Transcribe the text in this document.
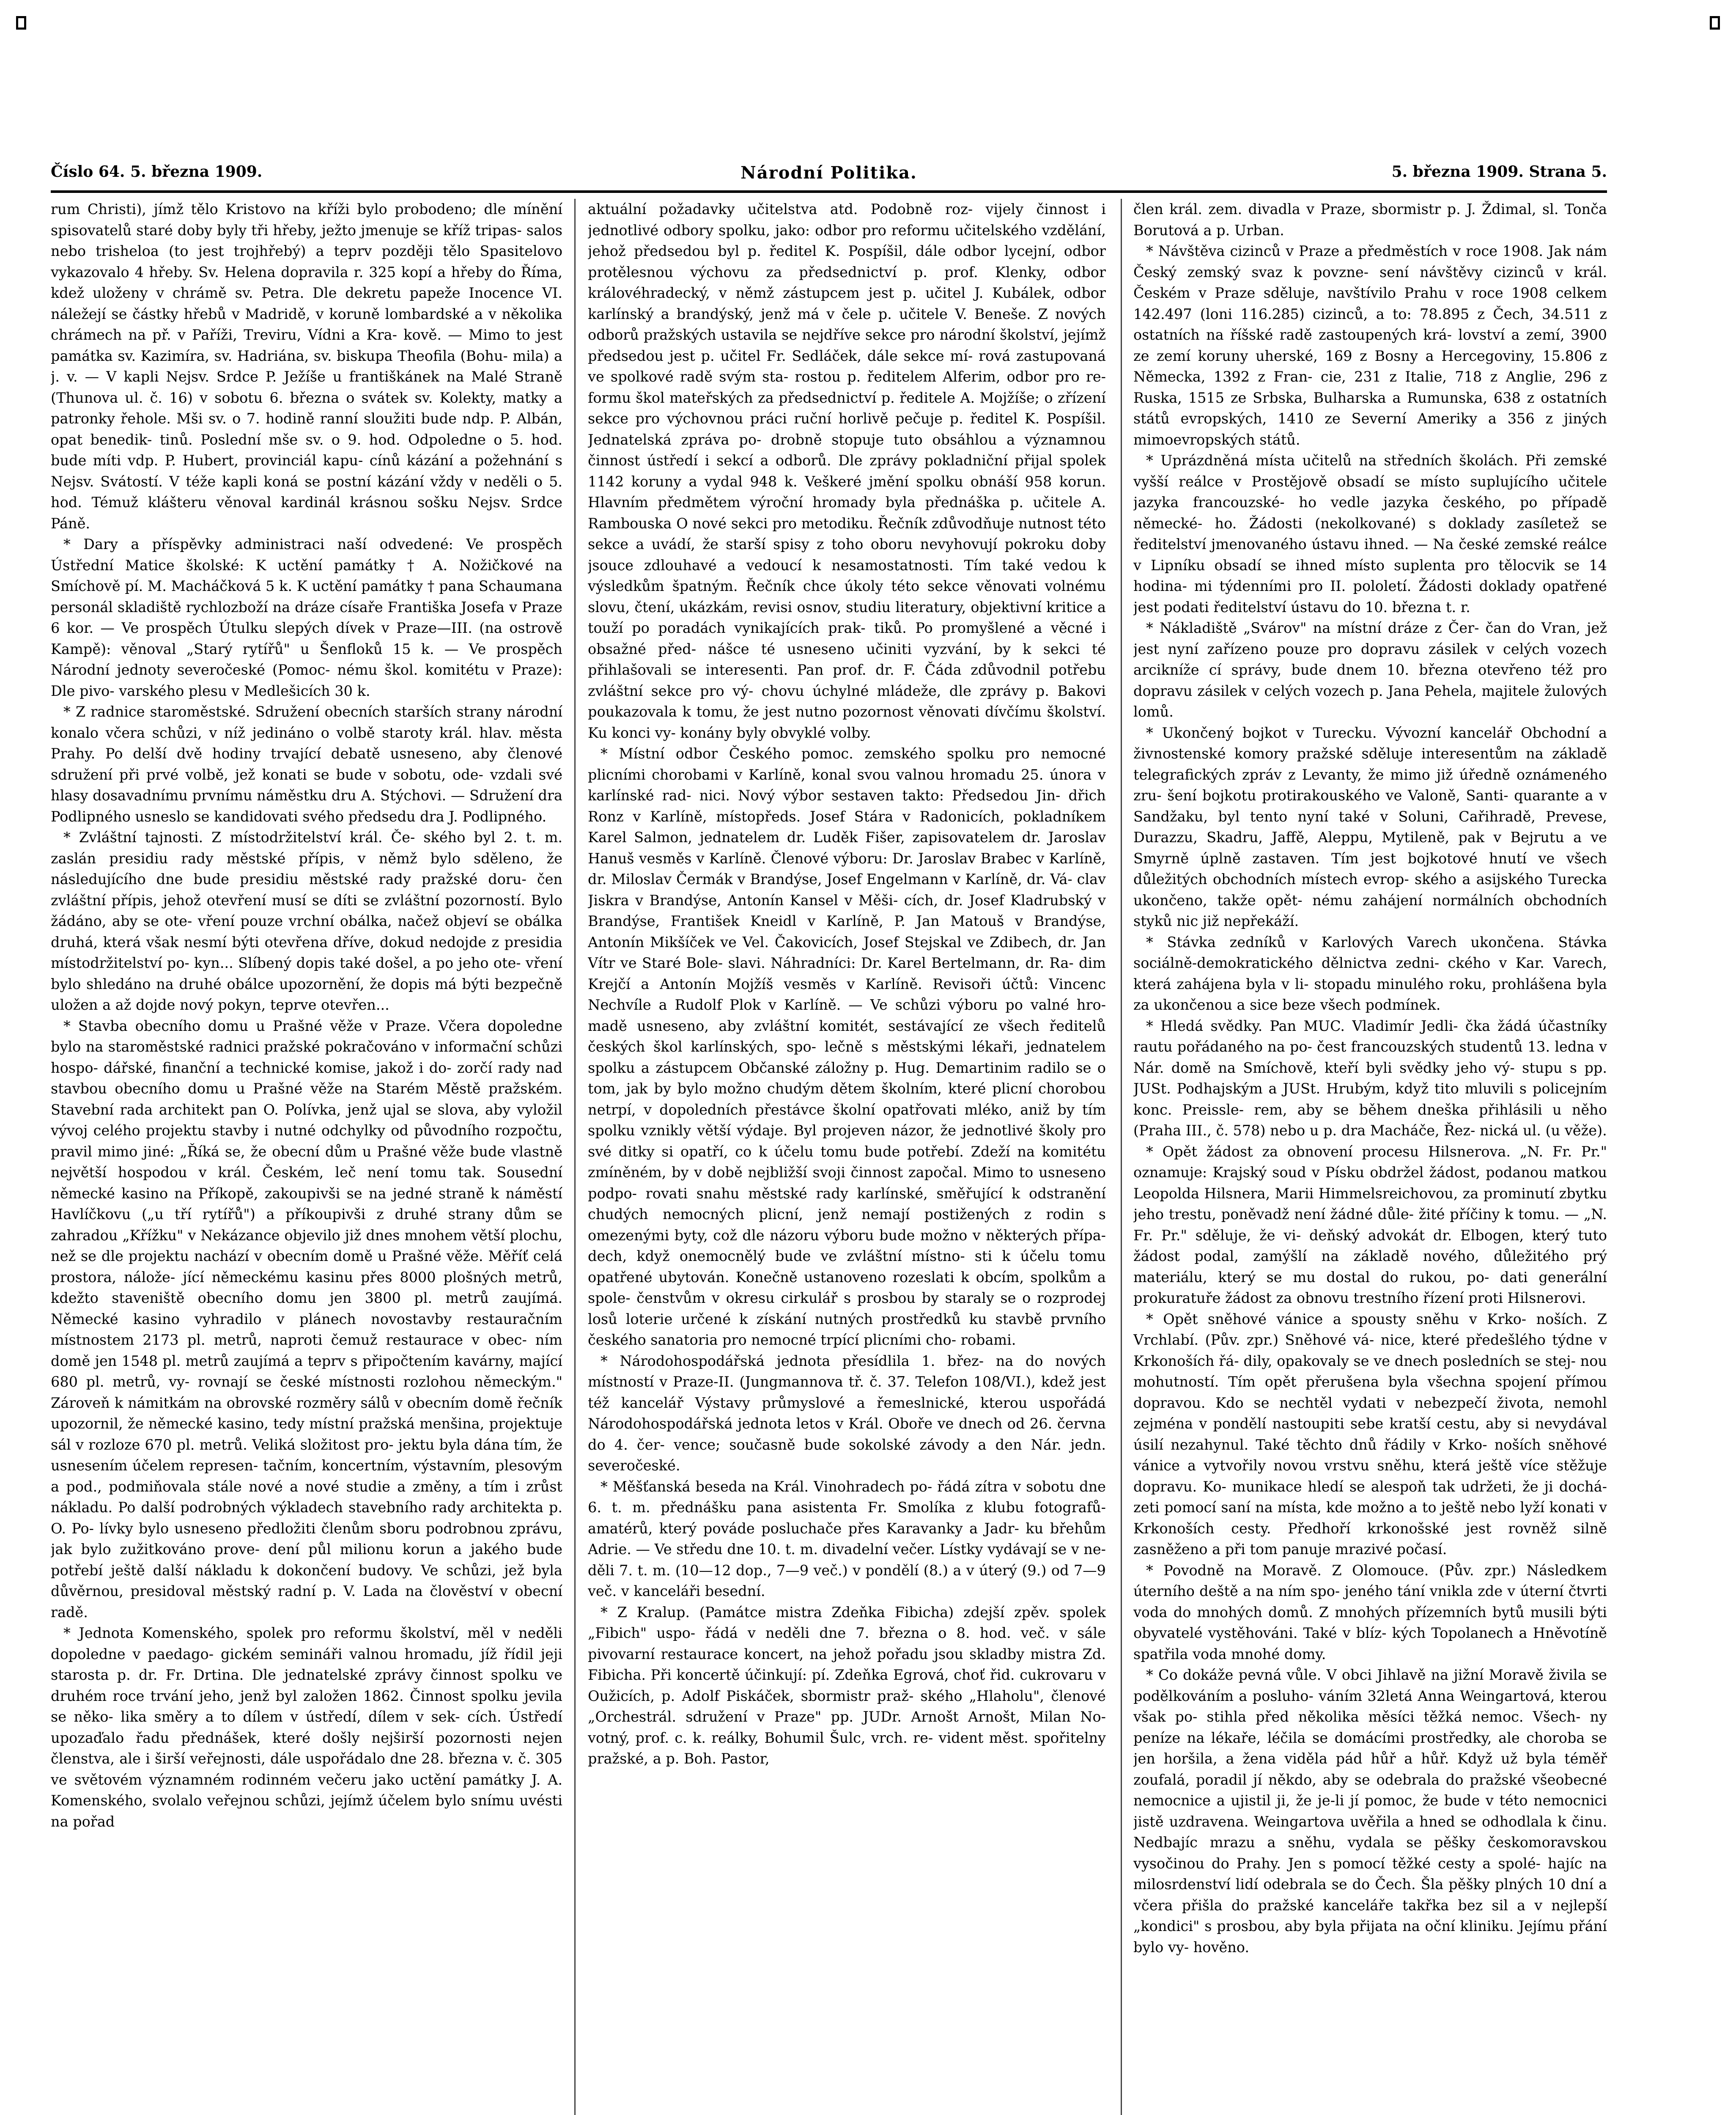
Číslo 64. 5. března 1909.	Národní Politika.	5. března 1909. Strana 5.

rum Christi), jímž tělo Kristovo na kříži bylo probodeno; dle mínění spisovatelů staré doby byly tři hřeby, ježto jmenuje se kříž tripas- salos nebo trisheloa (to jest trojhřebý) a teprv později tělo Spasitelovo vykazovalo 4 hřeby. Sv. Helena dopravila r. 325 kopí a hřeby do Říma, kdež uloženy v chrámě sv. Petra. Dle dekretu papeže Inocence VI. náležejí se částky hřebů v Madridě, v koruně lombardské a v několika chrámech na př. v Paříži, Treviru, Vídni a Kra- kově. — Mimo to jest památka sv. Kazimíra, sv. Hadriána, sv. biskupa Theofila (Bohu- mila) a j. v. — V kapli Nejsv. Srdce P. Ježíše u františkánek na Malé Straně (Thunova ul. č. 16) v sobotu 6. března o svátek sv. Kolekty, matky a patronky řehole. Mši sv. o 7. hodině ranní sloužiti bude ndp. P. Albán, opat benedik- tinů. Poslední mše sv. o 9. hod. Odpoledne o 5. hod. bude míti vdp. P. Hubert, provinciál kapu- cínů kázání a požehnání s Nejsv. Svátostí. V téže kapli koná se postní kázání vždy v neděli o 5. hod. Témuž klášteru věnoval kardinál krásnou sošku Nejsv. Srdce Páně.

* Dary a příspěvky administraci naší odvedené: Ve prospěch Ústřední Matice školské: K uctění památky † A. Nožičkové na Smíchově pí. M. Macháčková 5 k. K uctění památky † pana Schaumana personál skladiště rychlozboží na dráze císaře Františka Josefa v Praze 6 kor. — Ve prospěch Útulku slepých dívek v Praze—III. (na ostrově Kampě): věnoval „Starý rytířů" u Šenfloků 15 k. — Ve prospěch Národní jednoty severočeské (Pomoc- nému škol. komitétu v Praze): Dle pivo- varského plesu v Medlešicích 30 k.

* Z radnice staroměstské. Sdružení obecních starších strany národní konalo včera schůzi, v níž jedináno o volbě staroty král. hlav. města Prahy. Po delší dvě hodiny trvající debatě usneseno, aby členové sdružení při prvé volbě, jež konati se bude v sobotu, ode- vzdali své hlasy dosavadnímu prvnímu náměstku dru A. Stýchovi. — Sdružení dra Podlipného usneslo se kandidovati svého předsedu dra J. Podlipného.

* Zvláštní tajnosti. Z místodržitelství král. Če- ského byl 2. t. m. zaslán presidiu rady městské přípis, v němž bylo sděleno, že následujícího dne bude presidiu městské rady pražské doru- čen zvláštní přípis, jehož otevření musí se díti se zvláštní pozorností. Bylo žádáno, aby se ote- vření pouze vrchní obálka, načež objeví se obálka druhá, která však nesmí býti otevřena dříve, dokud nedojde z presidia místodržitelství po- kyn... Slíbený dopis také došel, a po jeho ote- vření bylo shledáno na druhé obálce upozornění, že dopis má býti bezpečně uložen a až dojde nový pokyn, teprve otevřen...

* Stavba obecního domu u Prašné věže v Praze. Včera dopoledne bylo na staroměstské radnici pražské pokračováno v informační schůzi hospo- dářské, finanční a technické komise, jakož i do- zorčí rady nad stavbou obecního domu u Prašné věže na Starém Městě pražském. Stavební rada architekt pan O. Polívka, jenž ujal se slova, aby vyložil vývoj celého projektu stavby i nutné odchylky od původního rozpočtu, pravil mimo jiné: „Říká se, že obecní dům u Prašné věže bude vlastně největší hospodou v král. Českém, leč není tomu tak. Sousední německé kasino na Příkopě, zakoupivši se na jedné straně k náměstí Havlíčkovu („u tří rytířů") a příkoupivši z druhé strany dům se zahradou „Křížku" v Nekázance objevilo již dnes mnohem větší plochu, než se dle projektu nachází v obecním domě u Prašné věže. Měříť celá prostora, nálože- jící německému kasinu přes 8000 plošných metrů, kdežto staveniště obecního domu jen 3800 pl. metrů zaujímá. Německé kasino vyhradilo v plánech novostavby restauračním místnostem 2173 pl. metrů, naproti čemuž restaurace v obec- ním domě jen 1548 pl. metrů zaujímá a teprv s připočtením kavárny, mající 680 pl. metrů, vy- rovnají se české místnosti rozlohou německým." Zároveň k námitkám na obrovské rozměry sálů v obecním domě řečník upozornil, že německé kasino, tedy místní pražská menšina, projektuje sál v rozloze 670 pl. metrů. Veliká složitost pro- jektu byla dána tím, že usnesením účelem represen- tačním, koncertním, výstavním, plesovým a pod., podmiňovala stále nové a nové studie a změny, a tím i zrůst nákladu. Po další podrobných výkladech stavebního rady architekta p. O. Po- lívky bylo usneseno předložiti členům sboru podrobnou zprávu, jak bylo zužitkováno prove- dení půl milionu korun a jakého bude potřebí ještě další nákladu k dokončení budovy. Ve schůzi, jež byla důvěrnou, presidoval městský radní p. V. Lada na člověství v obecní radě.

* Jednota Komenského, spolek pro reformu školství, měl v neděli dopoledne v paedago- gickém semináři valnou hromadu, jíž řídil jeji starosta p. dr. Fr. Drtina. Dle jednatelské zprávy činnost spolku ve druhém roce trvání jeho, jenž byl založen 1862. Činnost spolku jevila se něko- lika směry a to dílem v ústředí, dílem v sek- cích. Ústředí upozaďalo řadu přednášek, které došly nejširší pozornosti nejen členstva, ale i širší veřejnosti, dále uspořádalo dne 28. března v. č. 305 ve světovém významném rodinném večeru jako uctění památky J. A. Komenského, svolalo veřejnou schůzi, jejímž účelem bylo snímu uvésti na pořad

aktuální požadavky učitelstva atd. Podobně roz- vijely činnost i jednotlivé odbory spolku, jako: odbor pro reformu učitelského vzdělání, jehož předsedou byl p. ředitel K. Pospíšil, dále odbor lycejní, odbor protělesnou výchovu za předsednictví p. prof. Klenky, odbor královéhradecký, v němž zástupcem jest p. učitel J. Kubálek, odbor karlínský a brandýský, jenž má v čele p. učitele V. Beneše. Z nových odborů pražských ustavila se nejdříve sekce pro národní školství, jejímž předsedou jest p. učitel Fr. Sedláček, dále sekce mí- rová zastupovaná ve spolkové radě svým sta- rostou p. ředitelem Alferim, odbor pro re- formu škol mateřských za předsednictví p. ředitele A. Mojžíše; o zřízení sekce pro výchovnou práci ruční horlivě pečuje p. ředitel K. Pospíšil. Jednatelská zpráva po- drobně stopuje tuto obsáhlou a významnou činnost ústředí i sekcí a odborů. Dle zprávy pokladniční přijal spolek 1142 koruny a vydal 948 k. Veškeré jmění spolku obnáší 958 korun. Hlavním předmětem výroční hromady byla přednáška p. učitele A. Rambouska O nové sekci pro metodiku. Řečník zdůvodňuje nutnost této sekce a uvádí, že starší spisy z toho oboru nevyhovují pokroku doby jsouce zdlouhavé a vedoucí k nesamostatnosti. Tím také vedou k výsledkům špatným. Řečník chce úkoly této sekce věnovati volnému slovu, čtení, ukázkám, revisi osnov, studiu literatury, objektivní kritice a touží po poradách vynikajících prak- tiků. Po promyšlené a věcné i obsažné před- nášce té usneseno učiniti vyzvání, by k sekci té přihlašovali se interesenti. Pan prof. dr. F. Čáda zdůvodnil potřebu zvláštní sekce pro vý- chovu úchylné mládeže, dle zprávy p. Bakovi poukazovala k tomu, že jest nutno pozornost věnovati dívčímu školství. Ku konci vy- konány byly obvyklé volby.

* Místní odbor Českého pomoc. zemského spolku pro nemocné plicními chorobami v Karlíně, konal svou valnou hromadu 25. února v karlínské rad- nici. Nový výbor sestaven takto: Předsedou Jin- dřich Ronz v Karlíně, místopředs. Josef Stára v Radonicích, pokladníkem Karel Salmon, jednatelem dr. Luděk Fišer, zapisovatelem dr. Jaroslav Hanuš vesměs v Karlíně. Členové výboru: Dr. Jaroslav Brabec v Karlíně, dr. Miloslav Čermák v Brandýse, Josef Engelmann v Karlíně, dr. Vá- clav Jiskra v Brandýse, Antonín Kansel v Měši- cích, dr. Josef Kladrubský v Brandýse, František Kneidl v Karlíně, P. Jan Matouš v Brandýse, Antonín Mikšíček ve Vel. Čakovicích, Josef Stejskal ve Zdibech, dr. Jan Vítr ve Staré Bole- slavi. Náhradníci: Dr. Karel Bertelmann, dr. Ra- dim Krejčí a Antonín Mojžíš vesměs v Karlíně. Revisoři účtů: Vincenc Nechvíle a Rudolf Plok v Karlíně. — Ve schůzi výboru po valné hro- madě usneseno, aby zvláštní komitét, sestávající ze všech ředitelů českých škol karlínských, spo- lečně s městskými lékaři, jednatelem spolku a zástupcem Občanské záložny p. Hug. Demartinim radilo se o tom, jak by bylo možno chudým dětem školním, které plicní chorobou netrpí, v dopoledních přestávce školní opatřovati mléko, aniž by tím spolku vznikly větší výdaje. Byl projeven názor, že jednotlivé školy pro své ditky si opatří, co k účelu tomu bude potřebí. Zdeží na komitétu zmíněném, by v době nejbližší svoji činnost započal. Mimo to usneseno podpo- rovati snahu městské rady karlínské, směřující k odstranění chudých nemocných plicní, jenž nemají postižených z rodin s omezenými byty, což dle názoru výboru bude možno v některých přípa- dech, když onemocnělý bude ve zvláštní místno- sti k účelu tomu opatřené ubytován. Konečně ustanoveno rozeslati k obcím, spolkům a spole- čenstvům v okresu cirkulář s prosbou by staraly se o rozprodej losů loterie určené k získání nutných prostředků ku stavbě prvního českého sanatoria pro nemocné trpící plicními cho- robami.

* Národohospodářská jednota přesídlila 1. břez- na do nových místností v Praze-II. (Jungmannova tř. č. 37. Telefon 108/VI.), kdež jest též kancelář Výstavy průmyslové a řemeslnické, kterou uspořádá Národohospodářská jednota letos v Král. Oboře ve dnech od 26. června do 4. čer- vence; současně bude sokolské závody a den Nár. jedn. severočeské.

* Měšťanská beseda na Král. Vinohradech po- řádá zítra v sobotu dne 6. t. m. přednášku pana asistenta Fr. Smolíka z klubu fotografů-amatérů, který pováde posluchače přes Karavanky a Jadr- ku břehům Adrie. — Ve středu dne 10. t. m. divadelní večer. Lístky vydávají se v ne- děli 7. t. m. (10—12 dop., 7—9 več.) v pondělí (8.) a v úterý (9.) od 7—9 več. v kanceláři besední.

* Z Kralup. (Památce mistra Zdeňka Fibicha) zdejší zpěv. spolek „Fibich" uspo- řádá v neděli dne 7. března o 8. hod. več. v sále pivovarní restaurace koncert, na jehož pořadu jsou skladby mistra Zd. Fibicha. Při koncertě účinkují: pí. Zdeňka Egrová, choť řid. cukrovaru v Oužicích, p. Adolf Piskáček, sbormistr praž- ského „Hlaholu", členové „Orchestrál. sdružení v Praze" pp. JUDr. Arnošt Arnošt, Milan No- votný, prof. c. k. reálky, Bohumil Šulc, vrch. re- vident měst. spořitelny pražské, a p. Boh. Pastor,

člen král. zem. divadla v Praze, sbormistr p. J. Ždimal, sl. Tonča Borutová a p. Urban.

* Návštěva cizinců v Praze a předměstích v roce 1908. Jak nám Český zemský svaz k povzne- sení návštěvy cizinců v král. Českém v Praze sděluje, navštívilo Prahu v roce 1908 celkem 142.497 (loni 116.285) cizinců, a to: 78.895 z Čech, 34.511 z ostatních na říšské radě zastoupených krá- lovství a zemí, 3900 ze zemí koruny uherské, 169 z Bosny a Hercegoviny, 15.806 z Německa, 1392 z Fran- cie, 231 z Italie, 718 z Anglie, 296 z Ruska, 1515 ze Srbska, Bulharska a Rumunska, 638 z ostatních států evropských, 1410 ze Severní Ameriky a 356 z jiných mimoevropských států.

* Uprázdněná místa učitelů na středních školách. Při zemské vyšší reálce v Prostějově obsadí se místo suplujícího učitele jazyka francouzské- ho vedle jazyka českého, po případě německé- ho. Žádosti (nekolkované) s doklady zasíletež se ředitelství jmenovaného ústavu ihned. — Na české zemské reálce v Lipníku obsadí se ihned místo suplenta pro tělocvik se 14 hodina- mi týdenními pro II. pololetí. Žádosti doklady opatřené jest podati ředitelství ústavu do 10. března t. r.

* Nákladiště „Svárov" na místní dráze z Čer- čan do Vran, jež jest nyní zařízeno pouze pro dopravu zásilek v celých vozech arcikníže cí správy, bude dnem 10. března otevřeno též pro dopravu zásilek v celých vozech p. Jana Pehela, majitele žulových lomů.

* Ukončený bojkot v Turecku. Vývozní kancelář Obchodní a živnostenské komory pražské sděluje interesentům na základě telegrafických zpráv z Levanty, že mimo již úředně oznámeného zru- šení bojkotu protirakouského ve Valoně, Santi- quarante a v Sandžaku, byl tento nyní také v Soluni, Cařihradě, Prevese, Durazzu, Skadru, Jaffě, Aleppu, Mytileně, pak v Bejrutu a ve Smyrně úplně zastaven. Tím jest bojkotové hnutí ve všech důležitých obchodních místech evrop- ského a asijského Turecka ukončeno, takže opět- nému zahájení normálních obchodních styků nic již nepřekáží.

* Stávka zedníků v Karlových Varech ukončena. Stávka sociálně-demokratického dělnictva zedni- ckého v Kar. Varech, která zahájena byla v li- stopadu minulého roku, prohlášena byla za ukončenou a sice beze všech podmínek.

* Hledá svědky. Pan MUC. Vladimír Jedli- čka žádá účastníky rautu pořádaného na po- čest francouzských studentů 13. ledna v Nár. domě na Smíchově, kteří byli svědky jeho vý- stupu s pp. JUSt. Podhajským a JUSt. Hrubým, když tito mluvili s policejním konc. Preissle- rem, aby se během dneška přihlásili u něho (Praha III., č. 578) nebo u p. dra Macháče, Řez- nická ul. (u věže).

* Opět žádost za obnovení procesu Hilsnerova. „N. Fr. Pr." oznamuje: Krajský soud v Písku obdržel žádost, podanou matkou Leopolda Hilsnera, Marii Himmelsreichovou, za prominutí zbytku jeho trestu, poněvadž není žádné důle- žité příčiny k tomu. — „N. Fr. Pr." sděluje, že vi- deňský advokát dr. Elbogen, který tuto žádost podal, zamýšlí na základě nového, důležitého prý materiálu, který se mu dostal do rukou, po- dati generální prokuratuře žádost za obnovu trestního řízení proti Hilsnerovi.

* Opět sněhové vánice a spousty sněhu v Krko- noších. Z Vrchlabí. (Pův. zpr.) Sněhové vá- nice, které předešlého týdne v Krkonoších řá- dily, opakovaly se ve dnech posledních se stej- nou mohutností. Tím opět přerušena byla všechna spojení přímou dopravou. Kdo se nechtěl vydati v nebezpečí života, nemohl zejména v pondělí nastoupiti sebe kratší cestu, aby si nevydával úsilí nezahynul. Také těchto dnů řádily v Krko- noších sněhové vánice a vytvořily novou vrstvu sněhu, která ještě více stěžuje dopravu. Ko- munikace hledí se alespoň tak udržeti, že ji dochá- zeti pomocí saní na místa, kde možno a to ještě nebo lyží konati v Krkonoších cesty. Předhoří krkonošské jest rovněž silně zasněženo a při tom panuje mrazivé počasí.

* Povodně na Moravě. Z Olomouce. (Pův. zpr.) Následkem úterního deště a na ním spo- jeného tání vnikla zde v úterní čtvrti voda do mnohých domů. Z mnohých přízemních bytů musili býti obyvatelé vystěhováni. Také v blíz- kých Topolanech a Hněvotíně spatřila voda mnohé domy.

* Co dokáže pevná vůle. V obci Jihlavě na jižní Moravě živila se podělkováním a posluho- váním 32letá Anna Weingartová, kterou však po- stihla před několika měsíci těžká nemoc. Všech- ny peníze na lékaře, léčila se domácími prostředky, ale choroba se jen horšila, a žena viděla pád hůř a hůř. Když už byla téměř zoufalá, poradil jí někdo, aby se odebrala do pražské všeobecné nemocnice a ujistil ji, že je-li jí pomoc, že bude v této nemocnici jistě uzdravena. Weingartova uvěřila a hned se odhodlala k činu. Nedbajíc mrazu a sněhu, vydala se pěšky českomoravskou vysočinou do Prahy. Jen s pomocí těžké cesty a spolé- hajíc na milosrdenství lidí odebrala se do Čech. Šla pěšky plných 10 dní a včera přišla do pražské kanceláře takřka bez sil a v nejlepší „kondici" s prosbou, aby byla přijata na oční kliniku. Jejímu přání bylo vy- hověno.
